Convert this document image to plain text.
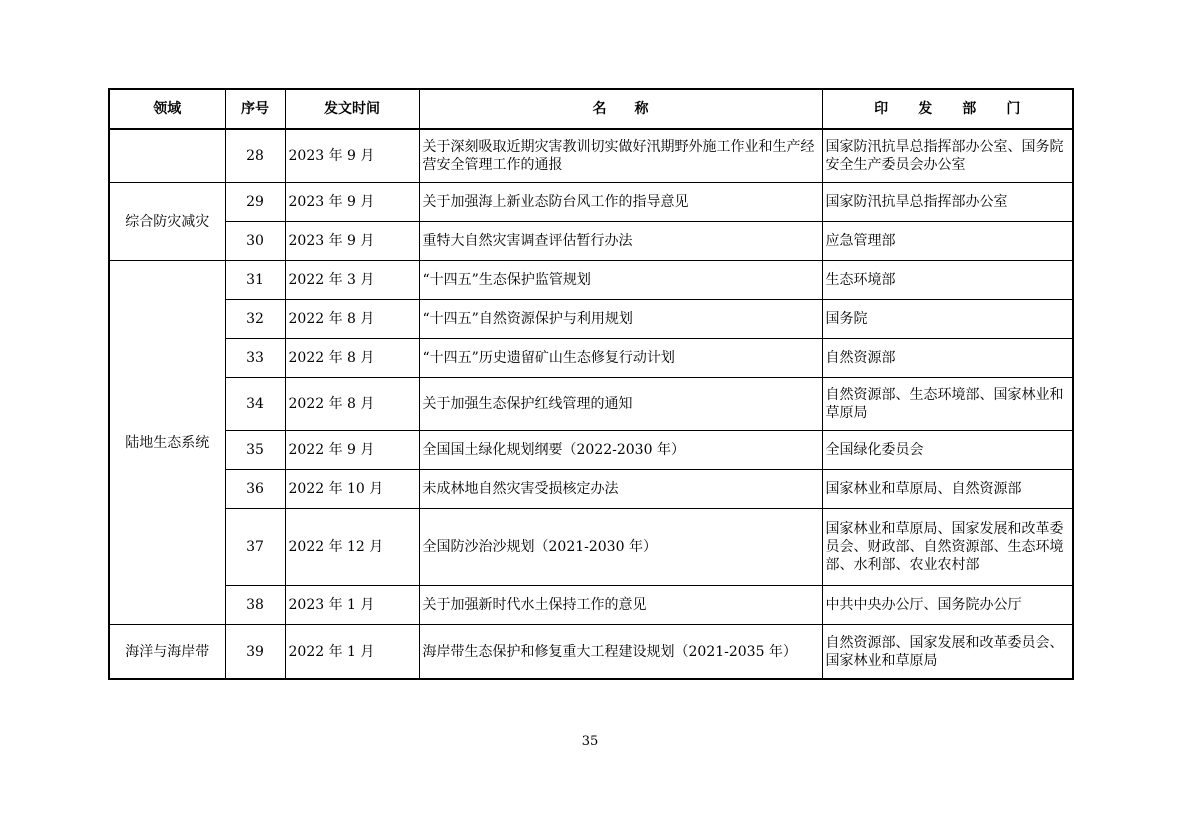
领域	序号	发文时间	名　　称	印 发 部 门
	28	2023 年 9 月	关于深刻吸取近期灾害教训切实做好汛期野外施工作业和生产经营安全管理工作的通报	国家防汛抗旱总指挥部办公室、国务院安全生产委员会办公室
综合防灾减灾	29	2023 年 9 月	关于加强海上新业态防台风工作的指导意见	国家防汛抗旱总指挥部办公室
	30	2023 年 9 月	重特大自然灾害调查评估暂行办法	应急管理部
陆地生态系统	31	2022 年 3 月	“十四五”生态保护监管规划	生态环境部
	32	2022 年 8 月	“十四五”自然资源保护与利用规划	国务院
	33	2022 年 8 月	“十四五”历史遗留矿山生态修复行动计划	自然资源部
	34	2022 年 8 月	关于加强生态保护红线管理的通知	自然资源部、生态环境部、国家林业和草原局
	35	2022 年 9 月	全国国土绿化规划纲要（2022-2030 年）	全国绿化委员会
	36	2022 年 10 月	未成林地自然灾害受损核定办法	国家林业和草原局、自然资源部
	37	2022 年 12 月	全国防沙治沙规划（2021-2030 年）	国家林业和草原局、国家发展和改革委员会、财政部、自然资源部、生态环境部、水利部、农业农村部
	38	2023 年 1 月	关于加强新时代水土保持工作的意见	中共中央办公厅、国务院办公厅
海洋与海岸带	39	2022 年 1 月	海岸带生态保护和修复重大工程建设规划（2021-2035 年）	自然资源部、国家发展和改革委员会、国家林业和草原局
35
